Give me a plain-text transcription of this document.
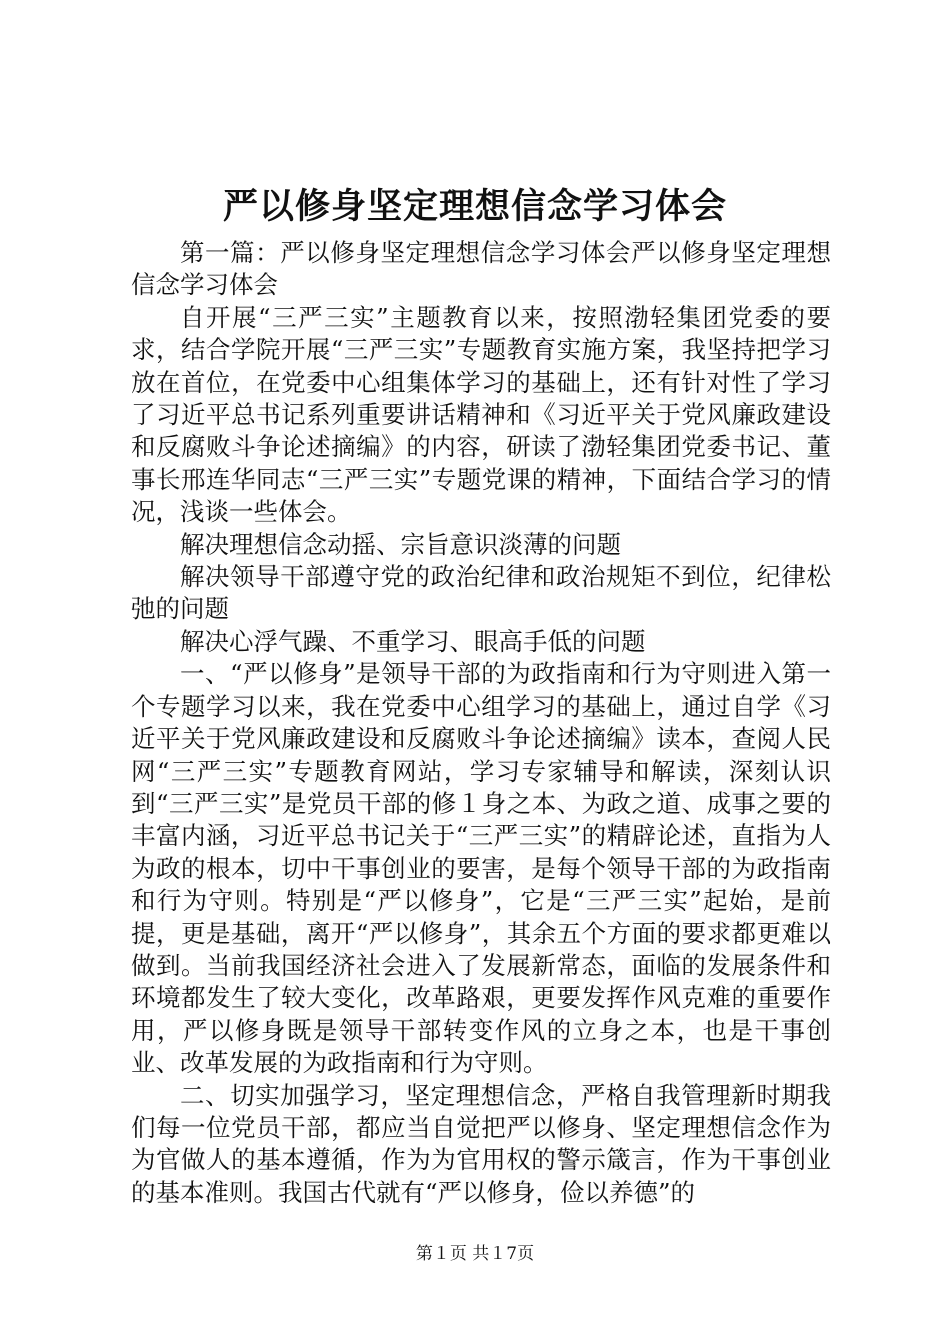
严以修身坚定理想信念学习体会

第一篇：严以修身坚定理想信念学习体会严以修身坚定理想信念学习体会

自开展“三严三实”主题教育以来，按照渤轻集团党委的要求，结合学院开展“三严三实”专题教育实施方案，我坚持把学习放在首位，在党委中心组集体学习的基础上，还有针对性了学习了习近平总书记系列重要讲话精神和《习近平关于党风廉政建设和反腐败斗争论述摘编》的内容，研读了渤轻集团党委书记、董事长邢连华同志“三严三实”专题党课的精神，下面结合学习的情况，浅谈一些体会。

解决理想信念动摇、宗旨意识淡薄的问题

解决领导干部遵守党的政治纪律和政治规矩不到位，纪律松弛的问题

解决心浮气躁、不重学习、眼高手低的问题

一、“严以修身”是领导干部的为政指南和行为守则进入第一个专题学习以来，我在党委中心组学习的基础上，通过自学《习近平关于党风廉政建设和反腐败斗争论述摘编》读本，查阅人民网“三严三实”专题教育网站，学习专家辅导和解读，深刻认识到“三严三实”是党员干部的修１身之本、为政之道、成事之要的丰富内涵，习近平总书记关于“三严三实”的精辟论述，直指为人为政的根本，切中干事创业的要害，是每个领导干部的为政指南和行为守则。特别是“严以修身”，它是“三严三实”起始，是前提，更是基础，离开“严以修身”，其余五个方面的要求都更难以做到。当前我国经济社会进入了发展新常态，面临的发展条件和环境都发生了较大变化，改革路艰，更要发挥作风克难的重要作用，严以修身既是领导干部转变作风的立身之本，也是干事创业、改革发展的为政指南和行为守则。

二、切实加强学习，坚定理想信念，严格自我管理新时期我们每一位党员干部，都应当自觉把严以修身、坚定理想信念作为为官做人的基本遵循，作为为官用权的警示箴言，作为干事创业的基本准则。我国古代就有“严以修身，俭以养德”的

第１页 共１7页
